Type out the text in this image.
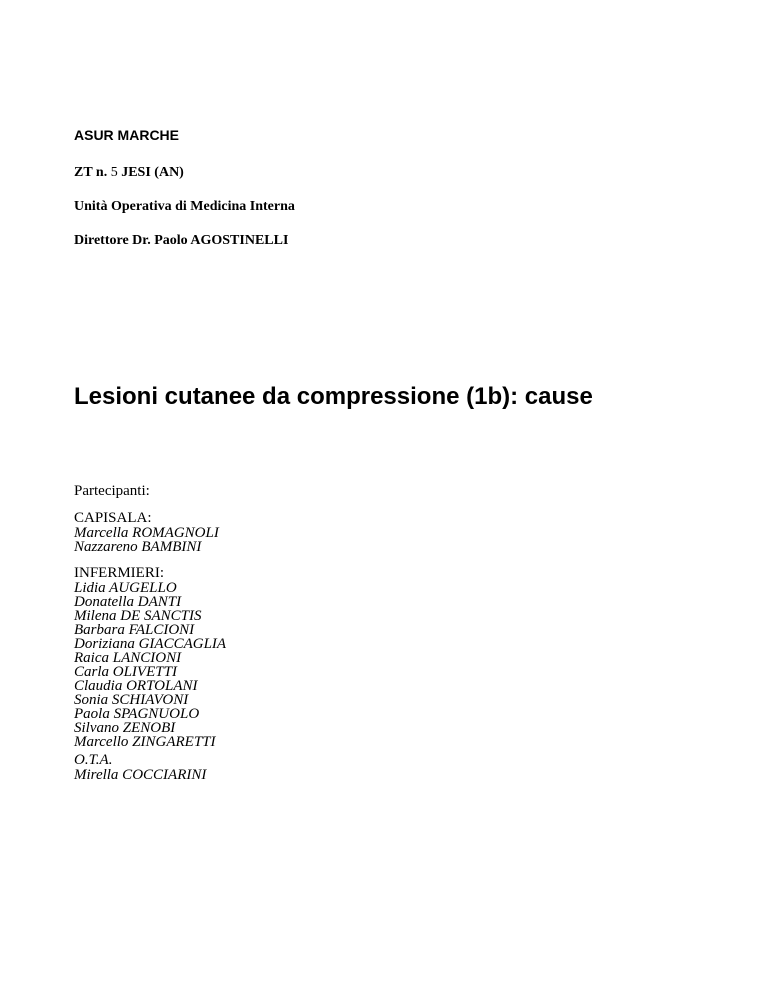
ASUR MARCHE
ZT n. 5 JESI (AN)
Unità Operativa di Medicina Interna
Direttore Dr. Paolo AGOSTINELLI
Lesioni cutanee da compressione (1b): cause
Partecipanti:
CAPISALA:
Marcella ROMAGNOLI
Nazzareno BAMBINI
INFERMIERI:
Lidia AUGELLO
Donatella DANTI
Milena DE SANCTIS
Barbara FALCIONI
Doriziana GIACCAGLIA
Raica LANCIONI
Carla OLIVETTI
Claudia ORTOLANI
Sonia SCHIAVONI
Paola SPAGNUOLO
Silvano ZENOBI
Marcello ZINGARETTI
O.T.A.
Mirella COCCIARINI
